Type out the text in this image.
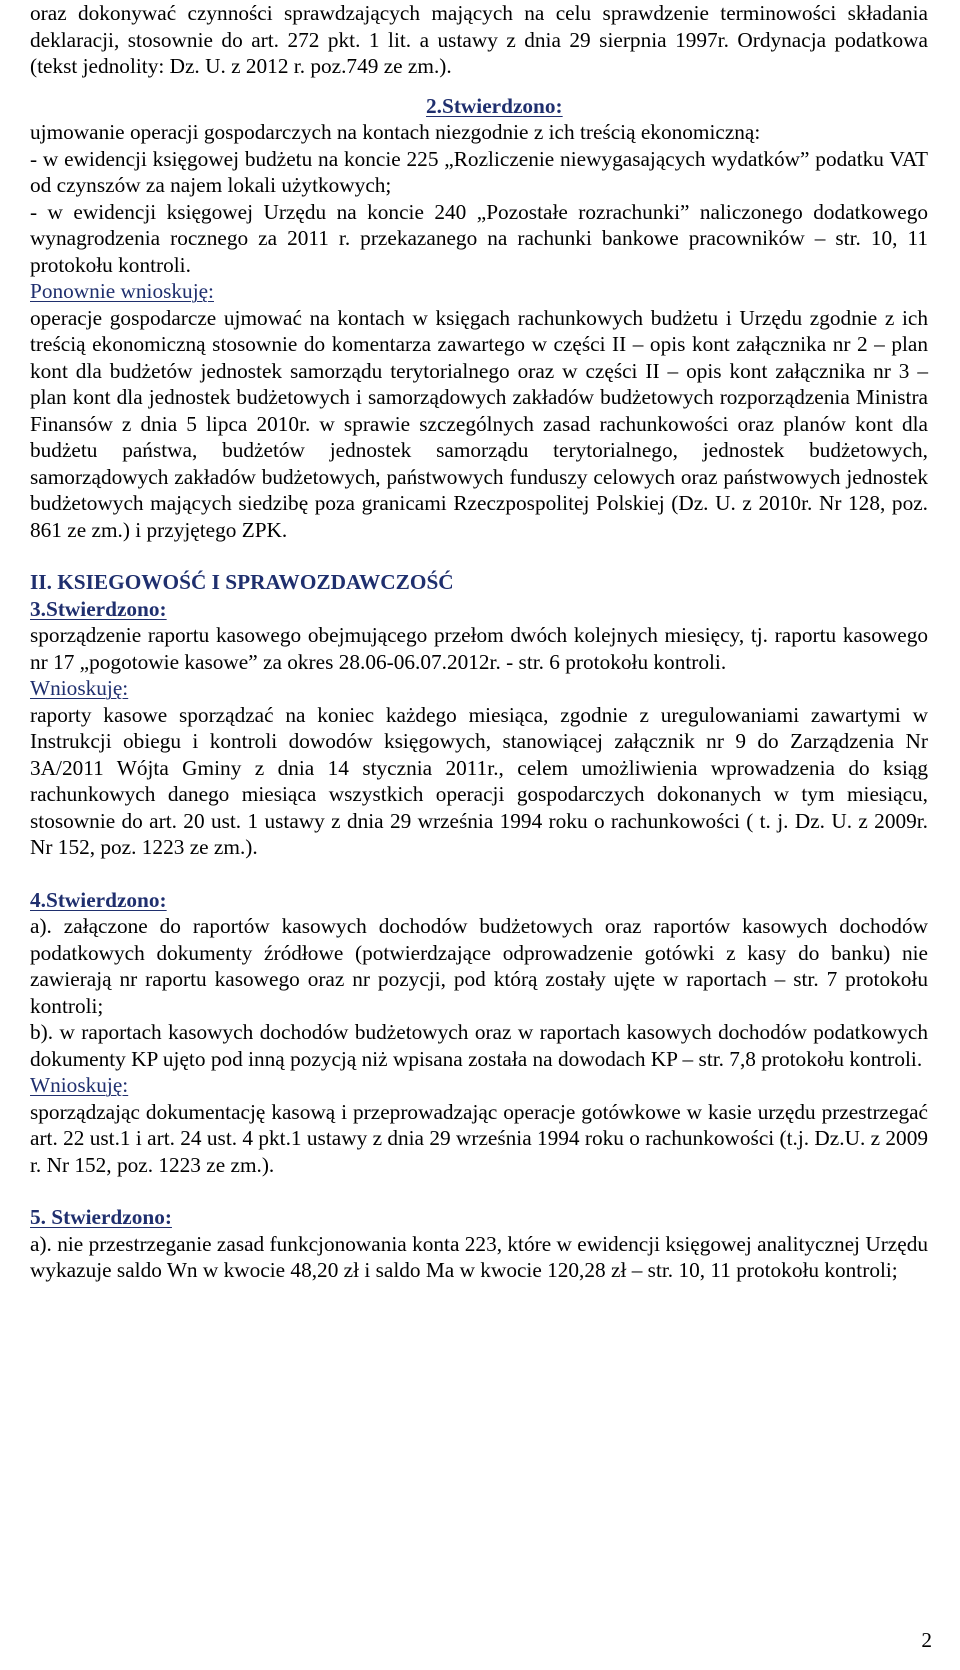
oraz dokonywać czynności sprawdzających mających na celu sprawdzenie terminowości składania deklaracji, stosownie do art. 272 pkt. 1 lit. a ustawy z dnia 29 sierpnia 1997r. Ordynacja podatkowa (tekst jednolity: Dz. U. z 2012 r. poz.749 ze zm.).

2.Stwierdzono:

ujmowanie operacji gospodarczych na kontach niezgodnie z ich treścią ekonomiczną:

- w ewidencji księgowej budżetu na koncie 225 „Rozliczenie niewygasających wydatków” podatku VAT od czynszów za najem lokali użytkowych;

- w ewidencji księgowej Urzędu na koncie 240 „Pozostałe rozrachunki” naliczonego dodatkowego wynagrodzenia rocznego za 2011 r. przekazanego na rachunki bankowe pracowników – str. 10, 11 protokołu kontroli.

Ponownie wnioskuję:

operacje gospodarcze ujmować na kontach w księgach rachunkowych budżetu i Urzędu zgodnie z ich treścią ekonomiczną stosownie do komentarza zawartego w części II – opis kont załącznika nr 2 – plan kont dla budżetów jednostek samorządu terytorialnego oraz w części II – opis kont załącznika nr 3 – plan kont dla jednostek budżetowych i samorządowych zakładów budżetowych rozporządzenia Ministra Finansów z dnia 5 lipca 2010r. w sprawie szczególnych zasad rachunkowości oraz planów kont dla budżetu państwa, budżetów jednostek samorządu terytorialnego, jednostek budżetowych, samorządowych zakładów budżetowych, państwowych funduszy celowych oraz państwowych jednostek budżetowych mających siedzibę poza granicami Rzeczpospolitej Polskiej (Dz. U. z 2010r. Nr 128, poz. 861 ze zm.) i przyjętego ZPK.

II. KSIEGOWOŚĆ I SPRAWOZDAWCZOŚĆ

3.Stwierdzono:

sporządzenie raportu kasowego obejmującego przełom dwóch kolejnych miesięcy, tj. raportu kasowego nr 17 „pogotowie kasowe” za okres 28.06-06.07.2012r. - str. 6 protokołu kontroli.

Wnioskuję:

raporty kasowe sporządzać na koniec każdego miesiąca, zgodnie z uregulowaniami zawartymi w Instrukcji obiegu i kontroli dowodów księgowych, stanowiącej załącznik nr 9 do Zarządzenia Nr 3A/2011 Wójta Gminy z dnia 14 stycznia 2011r., celem umożliwienia wprowadzenia do ksiąg rachunkowych danego miesiąca wszystkich operacji gospodarczych dokonanych w tym miesiącu, stosownie do art. 20 ust. 1 ustawy z dnia 29 września 1994 roku o rachunkowości ( t. j. Dz. U. z 2009r. Nr 152, poz. 1223 ze zm.).

4.Stwierdzono:

a). załączone do raportów kasowych dochodów budżetowych oraz raportów kasowych dochodów podatkowych dokumenty źródłowe (potwierdzające odprowadzenie gotówki z kasy do banku) nie zawierają nr raportu kasowego oraz nr pozycji, pod którą zostały ujęte w raportach – str. 7 protokołu kontroli;

b). w raportach kasowych dochodów budżetowych oraz w raportach kasowych dochodów podatkowych dokumenty KP ujęto pod inną pozycją niż wpisana została na dowodach KP – str. 7,8 protokołu kontroli.

Wnioskuję:

sporządzając dokumentację kasową i przeprowadzając operacje gotówkowe w kasie urzędu przestrzegać art. 22 ust.1 i art. 24 ust. 4 pkt.1 ustawy z dnia 29 września 1994 roku o rachunkowości (t.j. Dz.U. z 2009 r. Nr 152, poz. 1223 ze zm.).

5. Stwierdzono:

a). nie przestrzeganie zasad funkcjonowania konta 223, które w ewidencji księgowej analitycznej Urzędu wykazuje saldo Wn w kwocie 48,20 zł i saldo Ma w kwocie 120,28 zł – str. 10, 11 protokołu kontroli;

2
